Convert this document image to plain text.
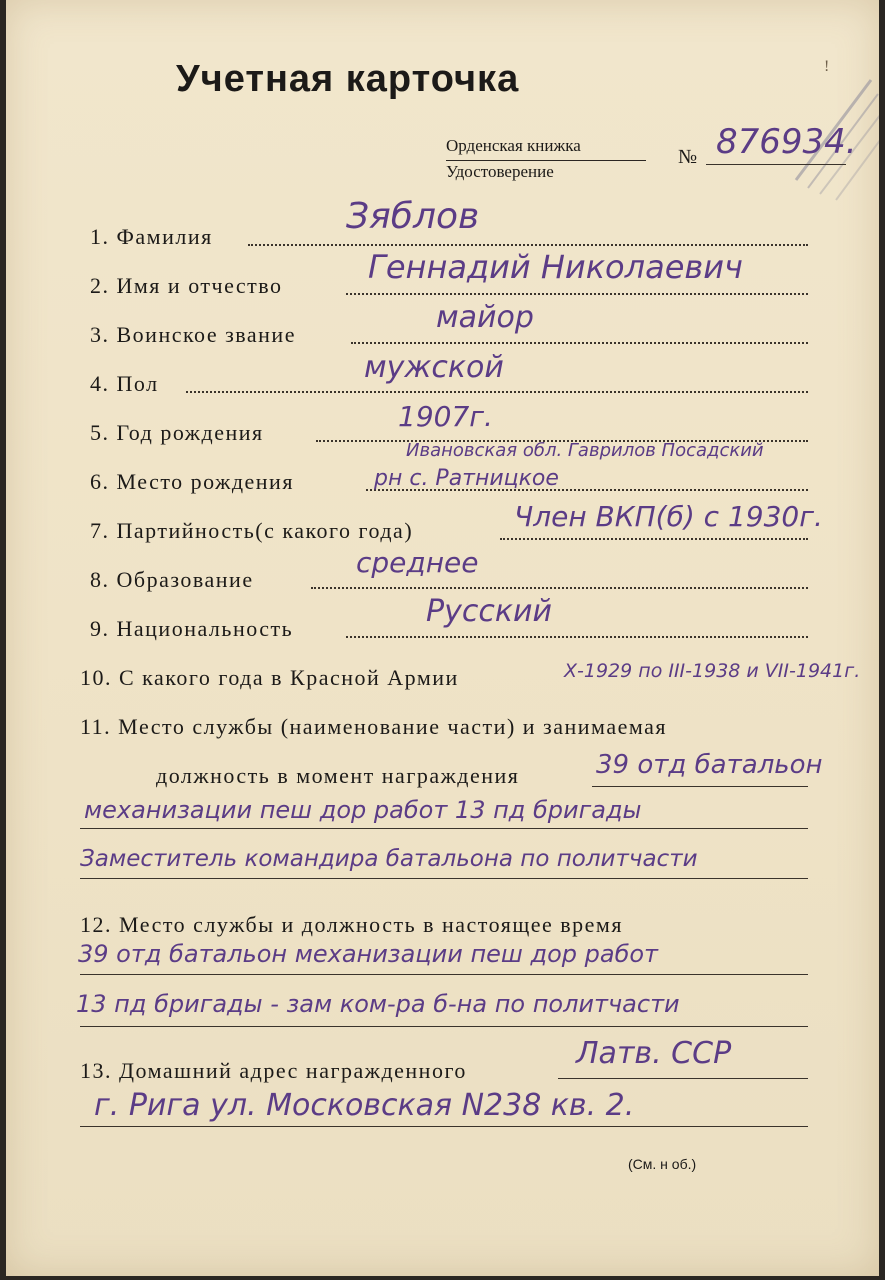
!
Учетная карточка
Орденская книжка
Удостоверение
№ 876934.
1. Фамилия	Зяблов
2. Имя и отчество	Геннадий Николаевич
3. Воинское звание	майор
4. Пол	мужской
5. Год рождения	1907г.
6. Место рождения
Ивановская обл. Гаврилов Посадский
рн с. Ратницкое
7. Партийность(с какого года)	Член ВКП(б) с 1930г.
8. Образование
среднее
9. Национальность	Русский
10. С какого года в Красной Армии	Х-1929 по III-1938 и VII-1941г.
11. Место службы (наименование части) и занимаемая
должность в момент награждения	39 отд батальон
механизации пеш дор работ 13 пд бригады
Заместитель командира батальона по политчасти
12. Место службы и должность в настоящее время
39 отд батальон механизации пеш дор работ
13 пд бригады - зам ком-ра б-на по политчасти
13. Домашний адрес награжденного	Латв. ССР
г. Рига ул. Московская N238 кв. 2.
(См. н об.)
